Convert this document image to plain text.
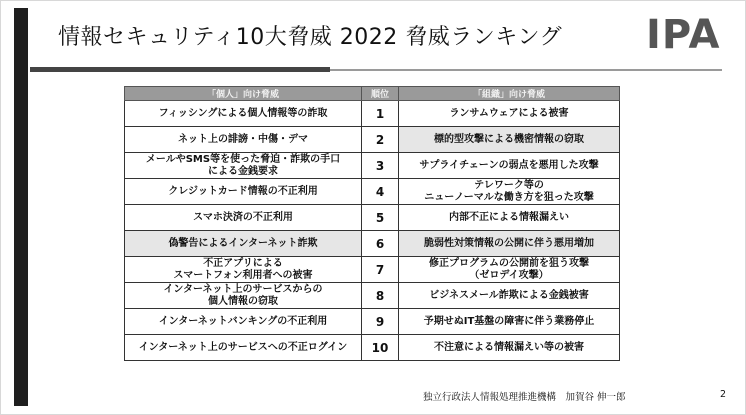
情報セキュリティ10大脅威 2022 脅威ランキング IPA
「個人」向け脅威	順位	「組織」向け脅威
フィッシングによる個人情報等の詐取	1	ランサムウェアによる被害
ネット上の誹謗・中傷・デマ	2	標的型攻撃による機密情報の窃取
メールやSMS等を使った脅迫・詐欺の手口
による金銭要求	3	サプライチェーンの弱点を悪用した攻撃
クレジットカード情報の不正利用	4	テレワーク等の
ニューノーマルな働き方を狙った攻撃
スマホ決済の不正利用	5	内部不正による情報漏えい
偽警告によるインターネット詐欺	6	脆弱性対策情報の公開に伴う悪用増加
不正アプリによる
スマートフォン利用者への被害	7	修正プログラムの公開前を狙う攻撃
（ゼロデイ攻撃）
インターネット上のサービスからの
個人情報の窃取	8	ビジネスメール詐欺による金銭被害
インターネットバンキングの不正利用	9	予期せぬIT基盤の障害に伴う業務停止
インターネット上のサービスへの不正ログイン	10	不注意による情報漏えい等の被害
独立行政法人情報処理推進機構　加賀谷 伸一郎	2
